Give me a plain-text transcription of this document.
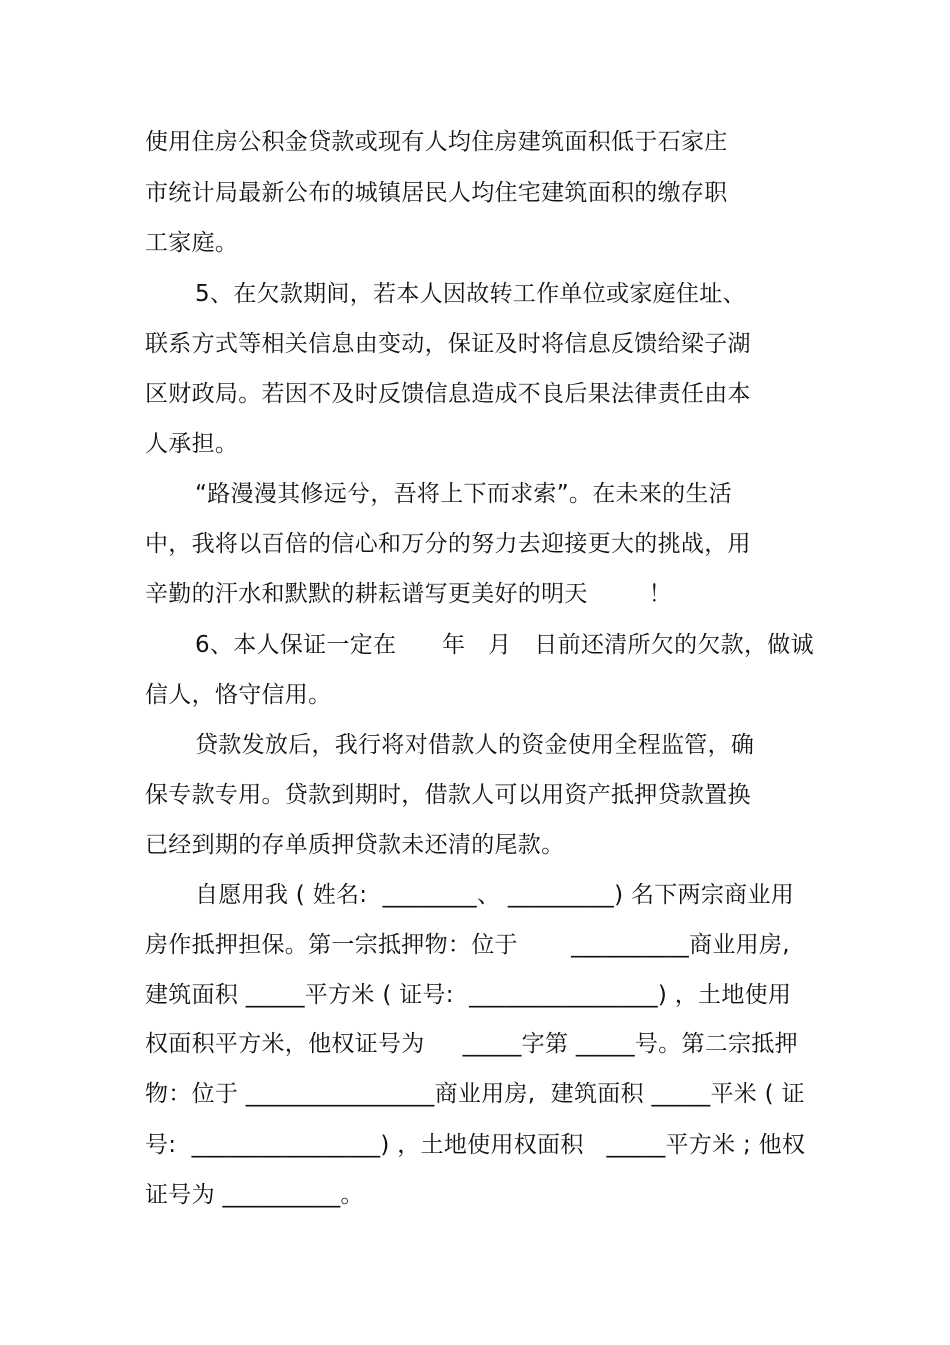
使用住房公积金贷款或现有人均住房建筑面积低于石家庄
市统计局最新公布的城镇居民人均住宅建筑面积的缴存职
工家庭。
5、在欠款期间，若本人因故转工作单位或家庭住址、
联系方式等相关信息由变动，保证及时将信息反馈给梁子湖
区财政局。若因不及时反馈信息造成不良后果法律责任由本
人承担。
“路漫漫其修远兮，吾将上下而求索”。在未来的生活
中，我将以百倍的信心和万分的努力去迎接更大的挑战，用
辛勤的汗水和默默的耕耘谱写更美好的明天        ！
6、本人保证一定在      年   月   日前还清所欠的欠款，做诚
信人，恪守信用。
贷款发放后，我行将对借款人的资金使用全程监管，确
保专款专用。贷款到期时，借款人可以用资产抵押贷款置换
已经到期的存单质押贷款未还清的尾款。
自愿用我 ( 姓名:  ________、 _________) 名下两宗商业用
房作抵押担保。第一宗抵押物：位于       __________商业用房,
建筑面积 _____平方米 ( 证号:  ________________) ，土地使用
权面积平方米，他权证号为     _____字第 _____号。第二宗抵押
物：位于 ________________商业用房,  建筑面积 _____平米 ( 证
号:  ________________) ，土地使用权面积   _____平方米 ; 他权
证号为 __________。
